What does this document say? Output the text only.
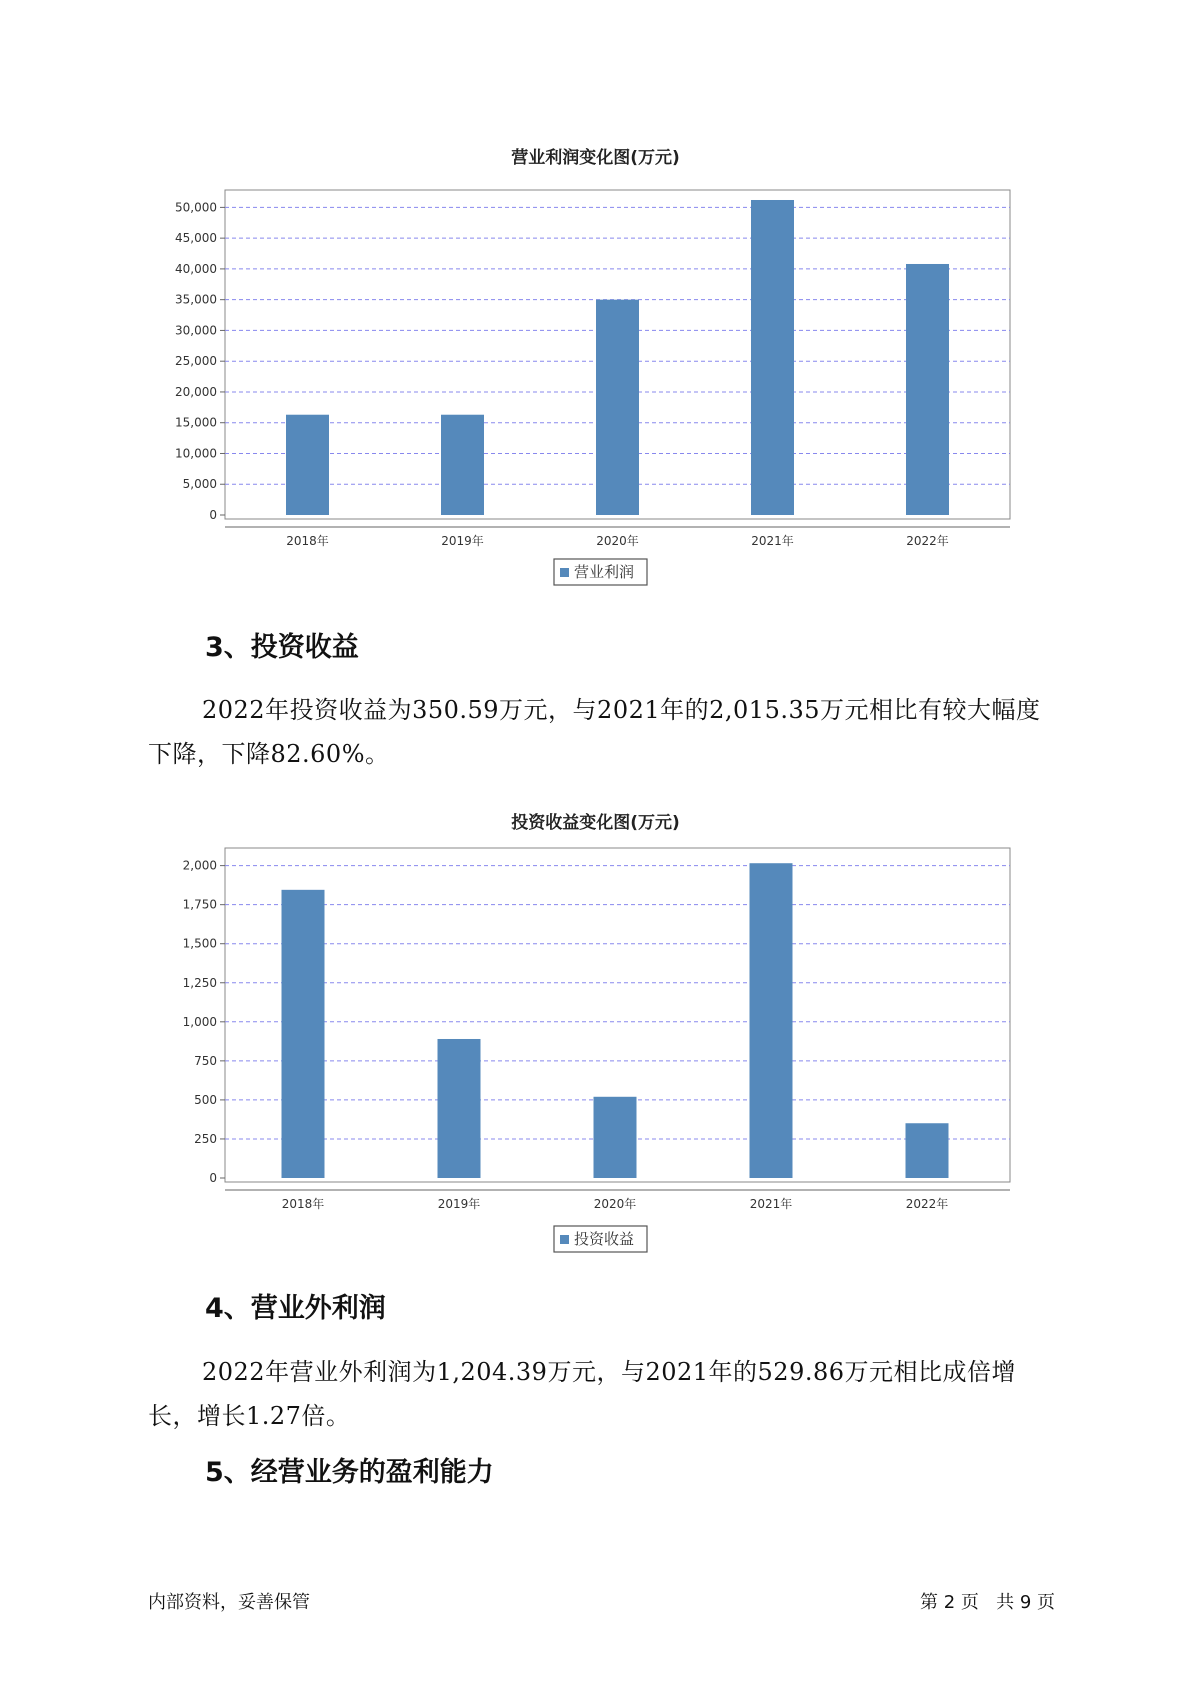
营业利润变化图(万元)
0
5,000
10,000
15,000
20,000
25,000
30,000
35,000
40,000
45,000
50,000
2018年	2019年	2020年	2021年	2022年
营业利润
3、投资收益
2022年投资收益为350.59万元，与2021年的2,015.35万元相比有较大幅度下降，下降82.60%。
投资收益变化图(万元)
0
250
500
750
1,000
1,250
1,500
1,750
2,000
2018年	2019年	2020年	2021年	2022年
投资收益
4、营业外利润
2022年营业外利润为1,204.39万元，与2021年的529.86万元相比成倍增长，增长1.27倍。
5、经营业务的盈利能力
内部资料，妥善保管	第 2 页   共 9 页
